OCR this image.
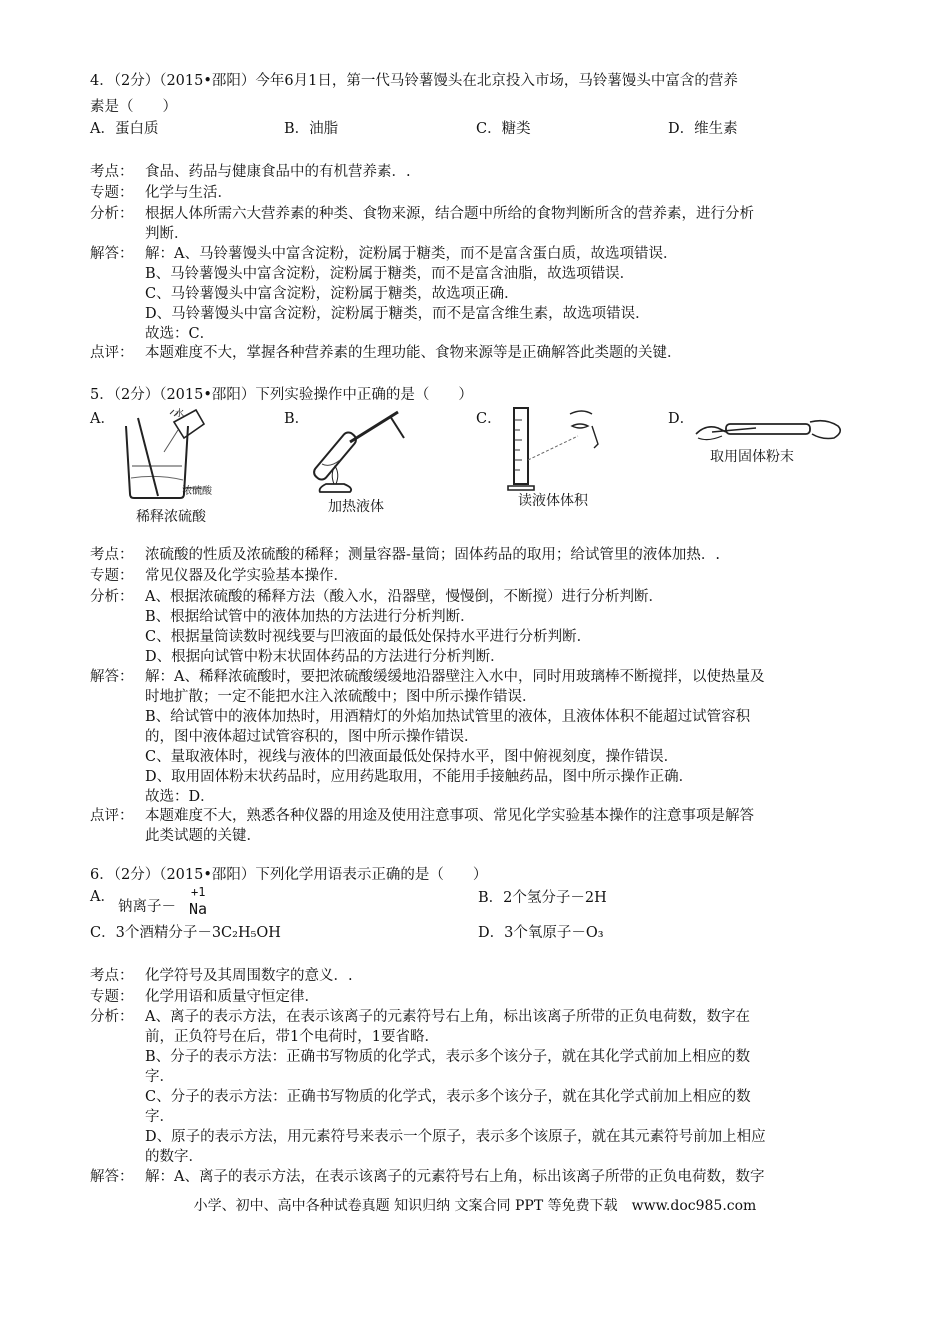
4．（2分）（2015•邵阳）今年6月1日，第一代马铃薯馒头在北京投入市场，马铃薯馒头中富含的营养
素是（　　）
A．蛋白质	B．油脂	C．糖类	D．维生素
考点： 食品、药品与健康食品中的有机营养素．.
专题： 化学与生活．
分析： 根据人体所需六大营养素的种类、食物来源，结合题中所给的食物判断所含的营养素，进行分析
判断．
解答： 解：A、马铃薯馒头中富含淀粉，淀粉属于糖类，而不是富含蛋白质，故选项错误．
B、马铃薯馒头中富含淀粉，淀粉属于糖类，而不是富含油脂，故选项错误．
C、马铃薯馒头中富含淀粉，淀粉属于糖类，故选项正确．
D、马铃薯馒头中富含淀粉，淀粉属于糖类，而不是富含维生素，故选项错误．
故选：C．
点评： 本题难度不大，掌握各种营养素的生理功能、食物来源等是正确解答此类题的关键．
5．（2分）（2015•邵阳）下列实验操作中正确的是（　　）
A．	B．	C．	D．
浓硫酸
水
稀释浓硫酸
加热液体	读液体体积
取用固体粉末
考点： 浓硫酸的性质及浓硫酸的稀释；测量容器-量筒；固体药品的取用；给试管里的液体加热．.
专题： 常见仪器及化学实验基本操作．
分析： A、根据浓硫酸的稀释方法（酸入水，沿器壁，慢慢倒，不断搅）进行分析判断．
B、根据给试管中的液体加热的方法进行分析判断．
C、根据量筒读数时视线要与凹液面的最低处保持水平进行分析判断．
D、根据向试管中粉末状固体药品的方法进行分析判断．
解答： 解：A、稀释浓硫酸时，要把浓硫酸缓缓地沿器壁注入水中，同时用玻璃棒不断搅拌，以使热量及
时地扩散；一定不能把水注入浓硫酸中；图中所示操作错误．
B、给试管中的液体加热时，用酒精灯的外焰加热试管里的液体，且液体体积不能超过试管容积
的，图中液体超过试管容积的，图中所示操作错误．
C、量取液体时，视线与液体的凹液面最低处保持水平，图中俯视刻度，操作错误．
D、取用固体粉末状药品时，应用药匙取用，不能用手接触药品，图中所示操作正确．
故选：D．
点评： 本题难度不大，熟悉各种仪器的用途及使用注意事项、常见化学实验基本操作的注意事项是解答
此类试题的关键．
6．（2分）（2015•邵阳）下列化学用语表示正确的是（　　）
A．
钠离子－
+1
Na
B．2个氢分子－2H
C．3个酒精分子－3C₂H₅OH	D．3个氧原子－O₃
考点： 化学符号及其周围数字的意义．.
专题： 化学用语和质量守恒定律．
分析： A、离子的表示方法，在表示该离子的元素符号右上角，标出该离子所带的正负电荷数，数字在
前，正负符号在后，带1个电荷时，1要省略．
B、分子的表示方法：正确书写物质的化学式，表示多个该分子，就在其化学式前加上相应的数
字．
C、分子的表示方法：正确书写物质的化学式，表示多个该分子，就在其化学式前加上相应的数
字．
D、原子的表示方法，用元素符号来表示一个原子，表示多个该原子，就在其元素符号前加上相应
的数字．
解答： 解：A、离子的表示方法，在表示该离子的元素符号右上角，标出该离子所带的正负电荷数，数字
小学、初中、高中各种试卷真题 知识归纳 文案合同 PPT 等免费下载　www.doc985.com
